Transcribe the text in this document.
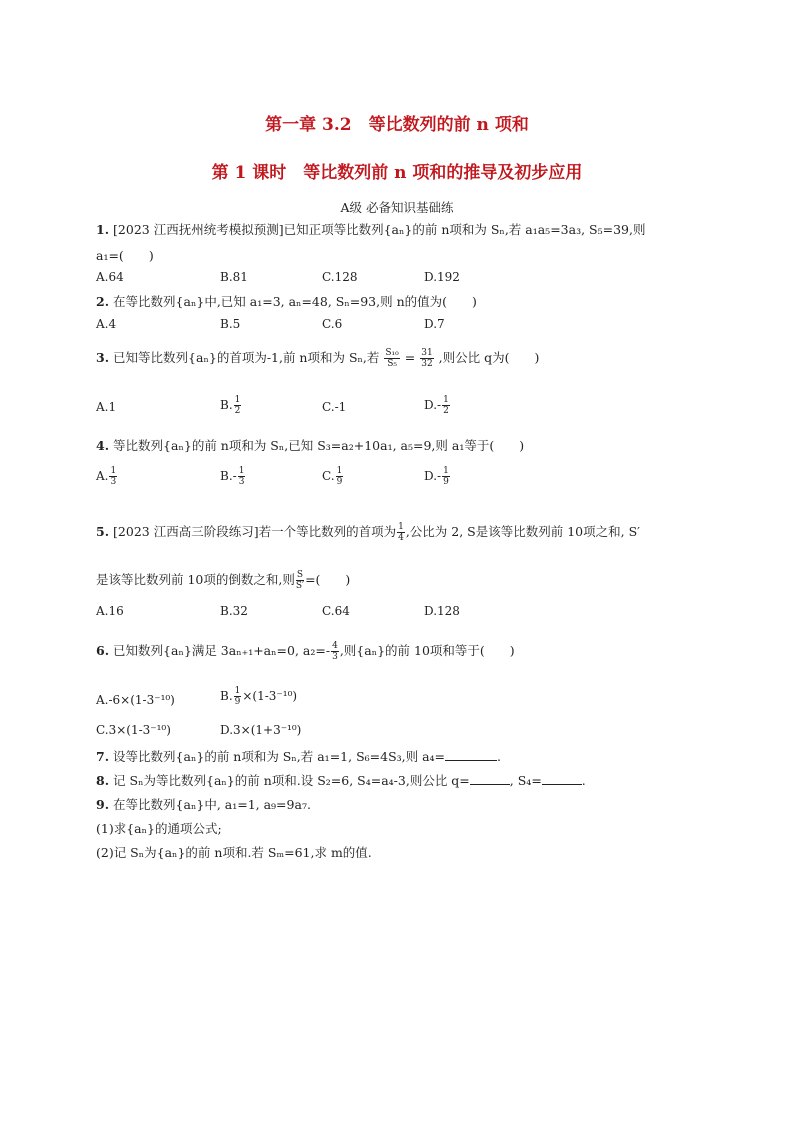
第一章 3.2　等比数列的前 n 项和
第 1 课时　等比数列前 n 项和的推导及初步应用
A级 必备知识基础练
1. [2023 江西抚州统考模拟预测]已知正项等比数列{aₙ}的前 n项和为 Sₙ,若 a₁a₅=3a₃, S₅=39,则
a₁=(　　)
A.64	B.81	C.128	D.192
2. 在等比数列{aₙ}中,已知 a₁=3, aₙ=48, Sₙ=93,则 n的值为(　　)
A.4	B.5	C.6	D.7
3. 已知等比数列{aₙ}的首项为-1,前 n项和为 Sₙ,若 $\frac{\text{S₁₀}}{\text{S₅}} = \frac{31}{32}$ ,则公比 q为(　　)
A.1	B. $\frac{1}{2}$	C.-1	$D.- \frac{1}{2}$
4. 等比数列{aₙ}的前 n项和为 Sₙ,已知 S₃=a₂+10a₁, a₅=9,则 a₁等于(　　)
A. $\frac{1}{3}$	$B.- \frac{1}{3}$	C. $\frac{1}{9}$	$D.- \frac{1}{9}$
5. [2023 江西高三阶段练习]若一个等比数列的首项为 $\frac{1}{4}$ ,公比为 2, S是该等比数列前 10项之和, S′
是该等比数列前 10项的倒数之和,则 $\frac{S}{S'}$ =(　　)
A.16	B.32	C.64	D.128
6. 已知数列{aₙ}满足 3aₙ₊₁+aₙ=0, $a_2=- \frac{4}{3}$ ,则{aₙ}的前 10项和等于(　　)
A.-6×(1-3⁻¹⁰)	B. $\frac{1}{9} \times(1-3^{-10})$
C.3×(1-3⁻¹⁰)	D.3×(1+3⁻¹⁰)
7. 设等比数列{aₙ}的前 n项和为 Sₙ,若 a₁=1, S₆=4S₃,则 a₄=	.
8. 记 Sₙ为等比数列{aₙ}的前 n项和.设 S₂=6, S₄=a₄-3,则公比 q=	, S₄=	.
9. 在等比数列{aₙ}中, a₁=1, a₉=9a₇.
(1)求{aₙ}的通项公式;
(2)记 Sₙ为{aₙ}的前 n项和.若 Sₘ=61,求 m的值.
